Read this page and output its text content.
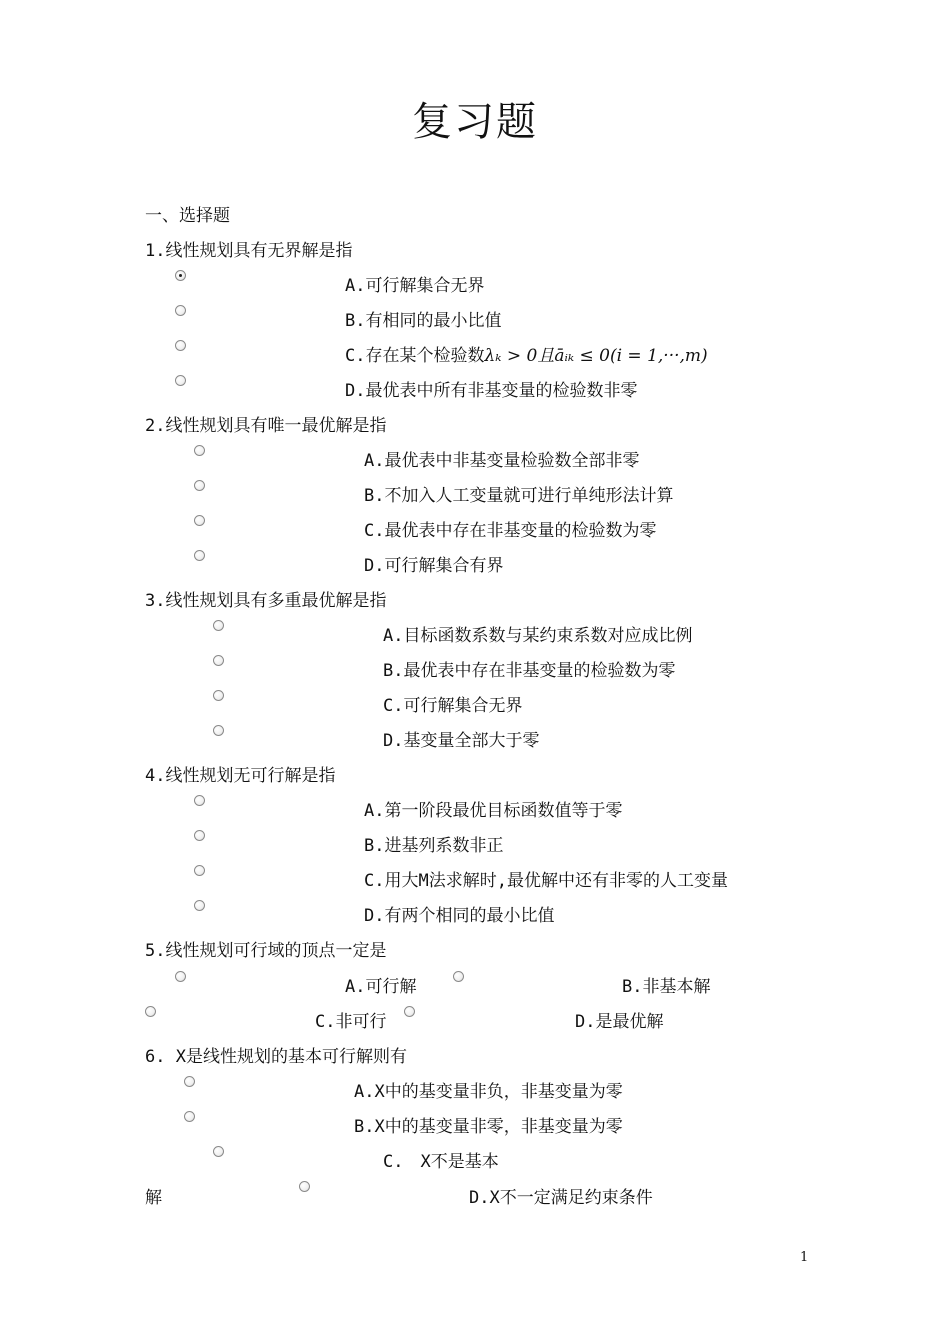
复习题
一、选择题
1.线性规划具有无界解是指
A.可行解集合无界
B.有相同的最小比值
C.存在某个检验数λₖ > 0且āᵢₖ ≤ 0(i = 1,···,m)
D.最优表中所有非基变量的检验数非零
2.线性规划具有唯一最优解是指
A.最优表中非基变量检验数全部非零
B.不加入人工变量就可进行单纯形法计算
C.最优表中存在非基变量的检验数为零
D.可行解集合有界
3.线性规划具有多重最优解是指
A.目标函数系数与某约束系数对应成比例
B.最优表中存在非基变量的检验数为零
C.可行解集合无界
D.基变量全部大于零
4.线性规划无可行解是指
A.第一阶段最优目标函数值等于零
B.进基列系数非正
C.用大M法求解时,最优解中还有非零的人工变量
D.有两个相同的最小比值
5.线性规划可行域的顶点一定是
A.可行解	B.非基本解
C.非可行	D.是最优解
6. X是线性规划的基本可行解则有
A.X中的基变量非负，非基变量为零
B.X中的基变量非零，非基变量为零
C.　X不是基本
解	D.X不一定满足约束条件
1
